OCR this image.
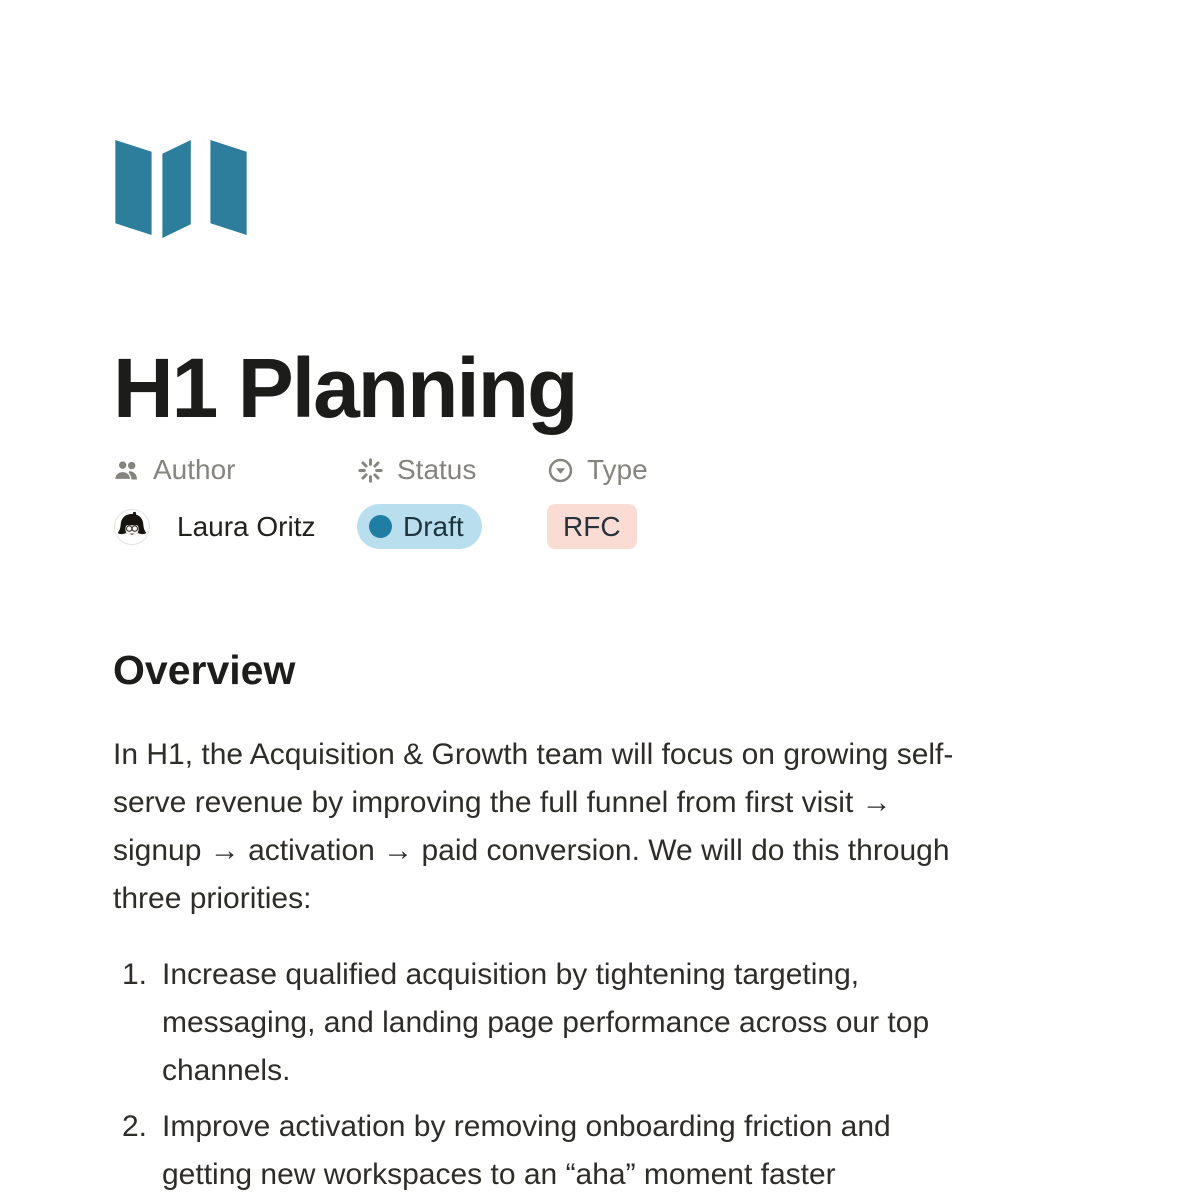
H1 Planning
Author	Status	Type
Laura Oritz	Draft	RFC
Overview
In H1, the Acquisition & Growth team will focus on growing self-
serve revenue by improving the full funnel from first visit →
signup → activation → paid conversion. We will do this through
three priorities:
1. Increase qualified acquisition by tightening targeting,
messaging, and landing page performance across our top
channels.
2. Improve activation by removing onboarding friction and
getting new workspaces to an “aha” moment faster
